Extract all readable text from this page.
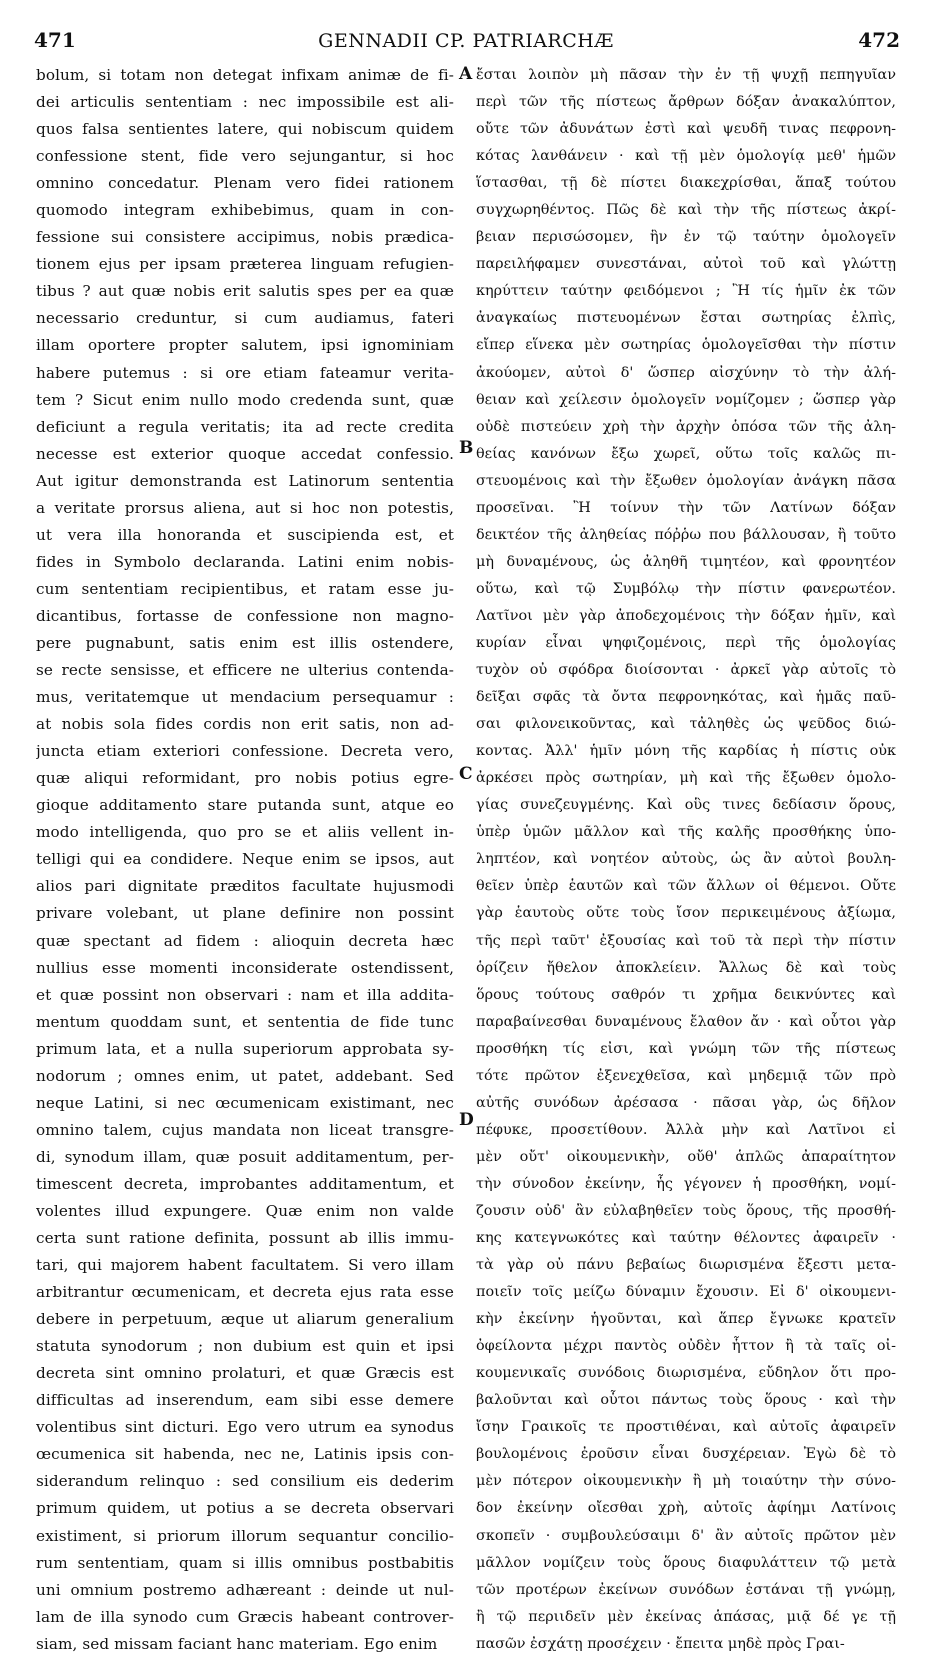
471	GENNADII CP. PATRIARCHÆ	472
bolum, si totam non detegat infixam animæ de fi-
dei articulis sententiam : nec impossibile est ali-
quos falsa sentientes latere, qui nobiscum quidem
confessione stent, fide vero sejungantur, si hoc
omnino concedatur. Plenam vero fidei rationem
quomodo integram exhibebimus, quam in con-
fessione sui consistere accipimus, nobis prædica-
tionem ejus per ipsam præterea linguam refugien-
tibus ? aut quæ nobis erit salutis spes per ea quæ
necessario creduntur, si cum audiamus, fateri
illam oportere propter salutem, ipsi ignominiam
habere putemus : si ore etiam fateamur verita-
tem ? Sicut enim nullo modo credenda sunt, quæ
deficiunt a regula veritatis; ita ad recte credita
necesse est exterior quoque accedat confessio.
Aut igitur demonstranda est Latinorum sententia
a veritate prorsus aliena, aut si hoc non potestis,
ut vera illa honoranda et suscipienda est, et
fides in Symbolo declaranda. Latini enim nobis-
cum sententiam recipientibus, et ratam esse ju-
dicantibus, fortasse de confessione non magno-
pere pugnabunt, satis enim est illis ostendere,
se recte sensisse, et efficere ne ulterius contenda-
mus, veritatemque ut mendacium persequamur :
at nobis sola fides cordis non erit satis, non ad-
juncta etiam exteriori confessione. Decreta vero,
quæ aliqui reformidant, pro nobis potius egre-
gioque additamento stare putanda sunt, atque eo
modo intelligenda, quo pro se et aliis vellent in-
telligi qui ea condidere. Neque enim se ipsos, aut
alios pari dignitate præditos facultate hujusmodi
privare volebant, ut plane definire non possint
quæ spectant ad fidem : alioquin decreta hæc
nullius esse momenti inconsiderate ostendissent,
et quæ possint non observari : nam et illa addita-
mentum quoddam sunt, et sententia de fide tunc
primum lata, et a nulla superiorum approbata sy-
nodorum ; omnes enim, ut patet, addebant. Sed
neque Latini, si nec œcumenicam existimant, nec
omnino talem, cujus mandata non liceat transgre-
di, synodum illam, quæ posuit additamentum, per-
timescent decreta, improbantes additamentum, et
volentes illud expungere. Quæ enim non valde
certa sunt ratione definita, possunt ab illis immu-
tari, qui majorem habent facultatem. Si vero illam
arbitrantur œcumenicam, et decreta ejus rata esse
debere in perpetuum, æque ut aliarum generalium
statuta synodorum ; non dubium est quin et ipsi
decreta sint omnino prolaturi, et quæ Græcis est
difficultas ad inserendum, eam sibi esse demere
volentibus sint dicturi. Ego vero utrum ea synodus
œcumenica sit habenda, nec ne, Latinis ipsis con-
siderandum relinquo : sed consilium eis dederim
primum quidem, ut potius a se decreta observari
existiment, si priorum illorum sequantur concilio-
rum sententiam, quam si illis omnibus postbabitis
uni omnium postremo adhæreant : deinde ut nul-
lam de illa synodo cum Græcis habeant controver-
siam, sed missam faciant hanc materiam. Ego enim
ἔσται λοιπὸν μὴ πᾶσαν τὴν ἐν τῇ ψυχῇ πεπηγυῖαν
περὶ τῶν τῆς πίστεως ἄρθρων δόξαν ἀνακαλύπτον,
οὔτε τῶν ἀδυνάτων ἐστὶ καὶ ψευδῆ τινας πεφρονη-
κότας λανθάνειν · καὶ τῇ μὲν ὁμολογίᾳ μεθ' ἡμῶν
ἵστασθαι, τῇ δὲ πίστει διακεχρίσθαι, ἅπαξ τούτου
συγχωρηθέντος. Πῶς δὲ καὶ τὴν τῆς πίστεως ἀκρί-
βειαν περισώσομεν, ἣν ἐν τῷ ταύτην ὁμολογεῖν
παρειλήφαμεν συνεστάναι, αὐτοὶ τοῦ καὶ γλώττῃ
κηρύττειν ταύτην φειδόμενοι ; Ἢ τίς ἡμῖν ἐκ τῶν
ἀναγκαίως πιστευομένων ἔσται σωτηρίας ἐλπὶς,
εἴπερ εἵνεκα μὲν σωτηρίας ὁμολογεῖσθαι τὴν πίστιν
ἀκούομεν, αὐτοὶ δ' ὥσπερ αἰσχύνην τὸ τὴν ἀλή-
θειαν καὶ χείλεσιν ὁμολογεῖν νομίζομεν ; ὥσπερ γὰρ
οὐδὲ πιστεύειν χρὴ τὴν ἀρχὴν ὁπόσα τῶν τῆς ἀλη-
θείας κανόνων ἔξω χωρεῖ, οὕτω τοῖς καλῶς πι-
στευομένοις καὶ τὴν ἔξωθεν ὁμολογίαν ἀνάγκη πᾶσα
προσεῖναι. Ἢ τοίνυν τὴν τῶν Λατίνων δόξαν
δεικτέον τῆς ἀληθείας πόῤῥω που βάλλουσαν, ἢ τοῦτο
μὴ δυναμένους, ὡς ἀληθῆ τιμητέον, καὶ φρονητέον
οὕτω, καὶ τῷ Συμβόλῳ τὴν πίστιν φανερωτέον.
Λατῖνοι μὲν γὰρ ἀποδεχομένοις τὴν δόξαν ἡμῖν, καὶ
κυρίαν εἶναι ψηφιζομένοις, περὶ τῆς ὁμολογίας
τυχὸν οὐ σφόδρα διοίσονται · ἀρκεῖ γὰρ αὐτοῖς τὸ
δεῖξαι σφᾶς τὰ ὄντα πεφρονηκότας, καὶ ἡμᾶς παῦ-
σαι φιλονεικοῦντας, καὶ τἀληθὲς ὡς ψεῦδος διώ-
κοντας. Ἀλλ' ἡμῖν μόνη τῆς καρδίας ἡ πίστις οὐκ
ἀρκέσει πρὸς σωτηρίαν, μὴ καὶ τῆς ἔξωθεν ὁμολο-
γίας συνεζευγμένης. Καὶ οὓς τινες δεδίασιν ὅρους,
ὑπὲρ ὑμῶν μᾶλλον καὶ τῆς καλῆς προσθήκης ὑπο-
ληπτέον, καὶ νοητέον αὐτοὺς, ὡς ἂν αὐτοὶ βουλη-
θεῖεν ὑπὲρ ἑαυτῶν καὶ τῶν ἄλλων οἱ θέμενοι. Οὔτε
γὰρ ἑαυτοὺς οὔτε τοὺς ἴσον περικειμένους ἀξίωμα,
τῆς περὶ ταῦτ' ἐξουσίας καὶ τοῦ τὰ περὶ τὴν πίστιν
ὁρίζειν ἤθελον ἀποκλείειν. Ἄλλως δὲ καὶ τοὺς
ὅρους τούτους σαθρόν τι χρῆμα δεικνύντες καὶ
παραβαίνεσθαι δυναμένους ἔλαθον ἄν · καὶ οὗτοι γὰρ
προσθήκη τίς εἰσι, καὶ γνώμη τῶν τῆς πίστεως
τότε πρῶτον ἐξενεχθεῖσα, καὶ μηδεμιᾷ τῶν πρὸ
αὐτῆς συνόδων ἀρέσασα · πᾶσαι γὰρ, ὡς δῆλον
πέφυκε, προσετίθουν. Ἀλλὰ μὴν καὶ Λατῖνοι εἰ
μὲν οὔτ' οἰκουμενικὴν, οὔθ' ἁπλῶς ἀπαραίτητον
τὴν σύνοδον ἐκείνην, ἧς γέγονεν ἡ προσθήκη, νομί-
ζουσιν οὐδ' ἂν εὐλαβηθεῖεν τοὺς ὅρους, τῆς προσθή-
κης κατεγνωκότες καὶ ταύτην θέλοντες ἀφαιρεῖν ·
τὰ γὰρ οὐ πάνυ βεβαίως διωρισμένα ἔξεστι μετα-
ποιεῖν τοῖς μείζω δύναμιν ἔχουσιν. Εἰ δ' οἰκουμενι-
κὴν ἐκείνην ἡγοῦνται, καὶ ἅπερ ἔγνωκε κρατεῖν
ὀφείλοντα μέχρι παντὸς οὐδὲν ἧττον ἢ τὰ ταῖς οἰ-
κουμενικαῖς συνόδοις διωρισμένα, εὔδηλον ὅτι προ-
βαλοῦνται καὶ οὗτοι πάντως τοὺς ὅρους · καὶ τὴν
ἴσην Γραικοῖς τε προστιθέναι, καὶ αὐτοῖς ἀφαιρεῖν
βουλομένοις ἐροῦσιν εἶναι δυσχέρειαν. Ἐγὼ δὲ τὸ
μὲν πότερον οἰκουμενικὴν ἢ μὴ τοιαύτην τὴν σύνο-
δον ἐκείνην οἴεσθαι χρὴ, αὐτοῖς ἀφίημι Λατίνοις
σκοπεῖν · συμβουλεύσαιμι δ' ἂν αὐτοῖς πρῶτον μὲν
μᾶλλον νομίζειν τοὺς ὅρους διαφυλάττειν τῷ μετὰ
τῶν προτέρων ἐκείνων συνόδων ἑστάναι τῇ γνώμῃ,
ἢ τῷ περιιδεῖν μὲν ἐκείνας ἁπάσας, μιᾷ δέ γε τῇ
πασῶν ἐσχάτῃ προσέχειν · ἔπειτα μηδὲ πρὸς Γραι-
A
B
C
D
